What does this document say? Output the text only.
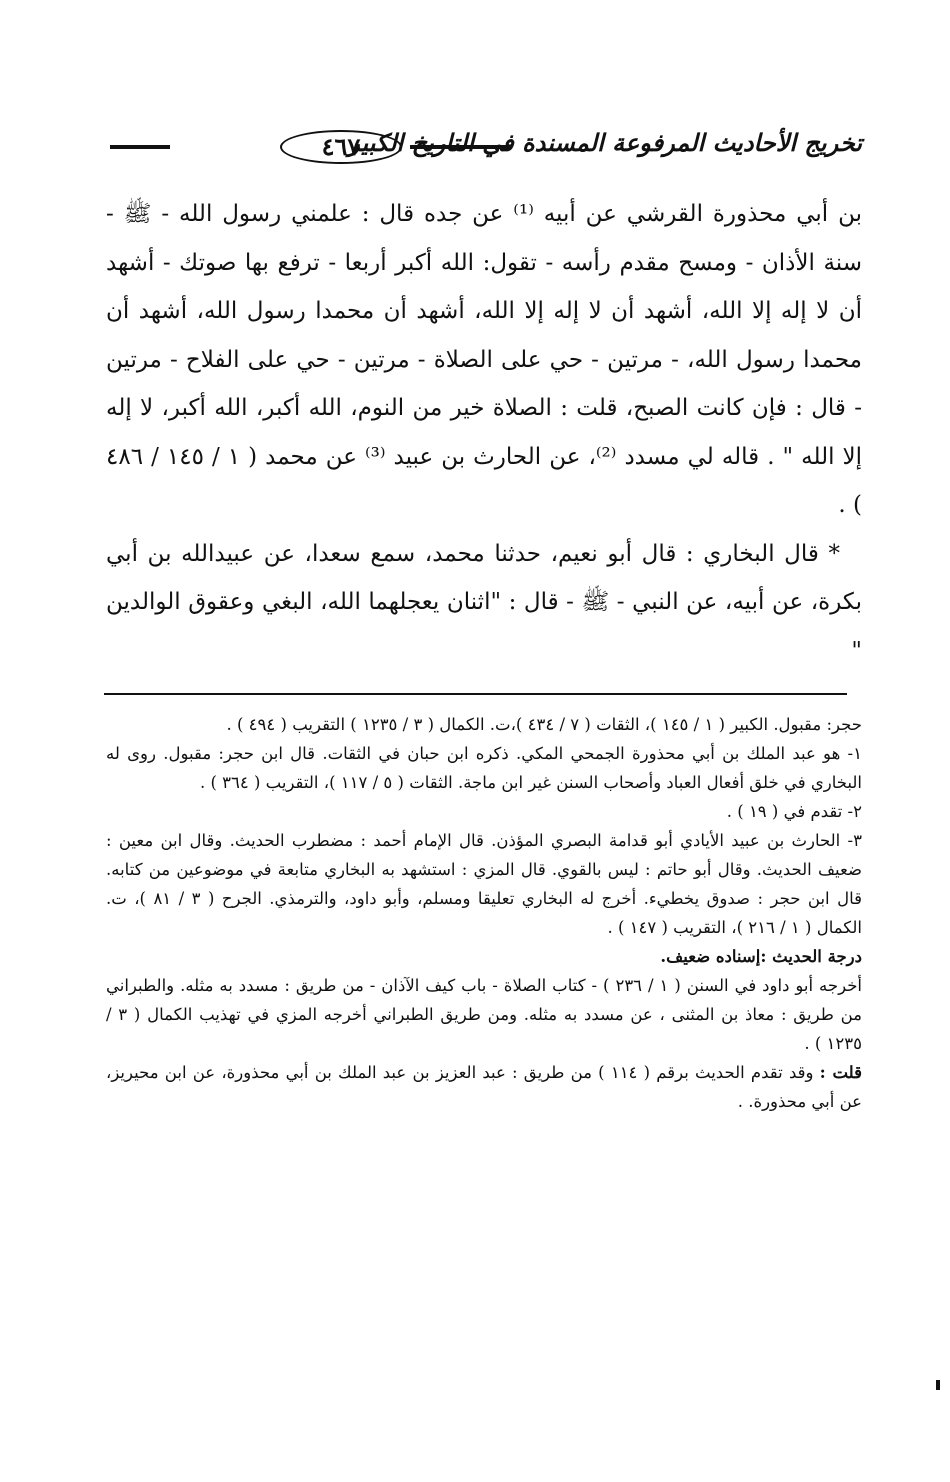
٤٦٧
تخريج الأحاديث المرفوعة المسندة في التاريخ الكبير

بن أبي محذورة القرشي عن أبيه ⁽¹⁾ عن جده قال : علمني رسول الله - ﷺ - سنة الأذان - ومسح مقدم رأسه - تقول: الله أكبر أربعا - ترفع بها صوتك - أشهد أن لا إله إلا الله، أشهد أن لا إله إلا الله، أشهد أن محمدا رسول الله، أشهد أن محمدا رسول الله، - مرتين - حي على الصلاة - مرتين - حي على الفلاح - مرتين - قال : فإن كانت الصبح، قلت : الصلاة خير من النوم، الله أكبر، الله أكبر، لا إله إلا الله " . قاله لي مسدد ⁽²⁾، عن الحارث بن عبيد ⁽³⁾ عن محمد ( ١ / ١٤٥ / ٤٨٦ ) .

* قال البخاري : قال أبو نعيم، حدثنا محمد، سمع سعدا، عن عبيدالله بن أبي بكرة، عن أبيه، عن النبي - ﷺ - قال : "اثنان يعجلهما الله، البغي وعقوق الوالدين "

حجر: مقبول. الكبير ( ١ / ١٤٥ )، الثقات ( ٧ / ٤٣٤ )،ت. الكمال ( ٣ / ١٢٣٥ ) التقريب ( ٤٩٤ ) .

١- هو عبد الملك بن أبي محذورة الجمحي المكي. ذكره ابن حبان في الثقات. قال ابن حجر: مقبول. روى له البخاري في خلق أفعال العباد وأصحاب السنن غير ابن ماجة. الثقات ( ٥ / ١١٧ )، التقريب ( ٣٦٤ ) .

٢- تقدم في ( ١٩ ) .

٣- الحارث بن عبيد الأيادي أبو قدامة البصري المؤذن. قال الإمام أحمد : مضطرب الحديث. وقال ابن معين : ضعيف الحديث. وقال أبو حاتم : ليس بالقوي. قال المزي : استشهد به البخاري متابعة في موضوعين من كتابه. قال ابن حجر : صدوق يخطيء. أخرج له البخاري تعليقا ومسلم، وأبو داود، والترمذي. الجرح ( ٣ / ٨١ )، ت. الكمال ( ١ / ٢١٦ )، التقريب ( ١٤٧ ) .

درجة الحديث :إسناده ضعيف.

أخرجه أبو داود في السنن ( ١ / ٢٣٦ ) - كتاب الصلاة - باب كيف الآذان - من طريق : مسدد به مثله. والطبراني من طريق : معاذ بن المثنى ، عن مسدد به مثله. ومن طريق الطبراني أخرجه المزي في تهذيب الكمال ( ٣ / ١٢٣٥ ) .

قلت : وقد تقدم الحديث برقم ( ١١٤ ) من طريق : عبد العزيز بن عبد الملك بن أبي محذورة، عن ابن محيريز، عن أبي محذورة. .
